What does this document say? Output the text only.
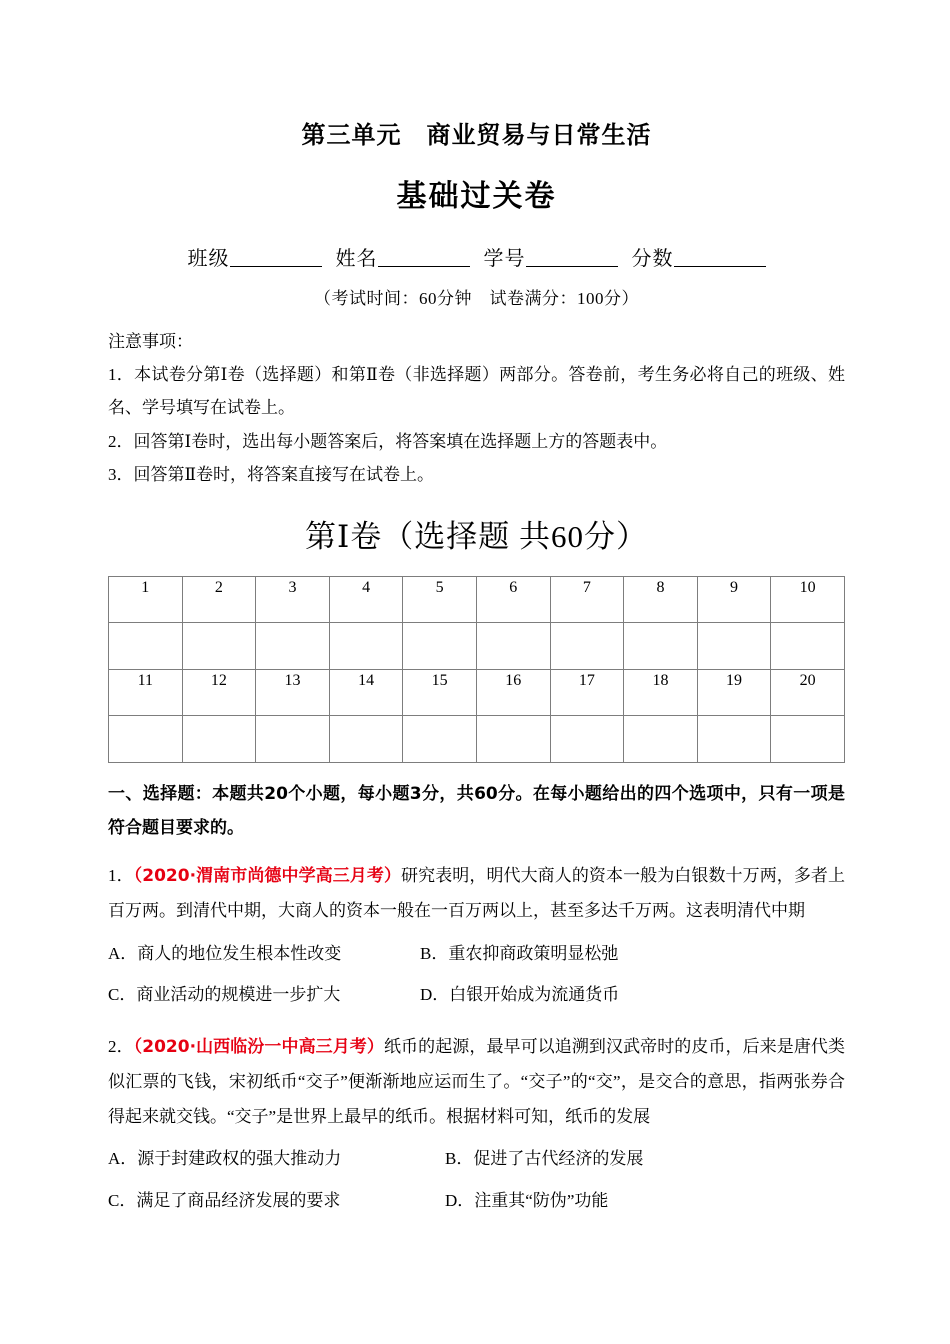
第三单元　商业贸易与日常生活
基础过关卷
班级	姓名	学号	分数
（考试时间：60分钟　试卷满分：100分）
注意事项：
1．本试卷分第Ⅰ卷（选择题）和第Ⅱ卷（非选择题）两部分。答卷前，考生务必将自己的班级、姓名、学号填写在试卷上。
2．回答第Ⅰ卷时，选出每小题答案后，将答案填在选择题上方的答题表中。
3．回答第Ⅱ卷时，将答案直接写在试卷上。
第Ⅰ卷（选择题 共60分）
1	2	3	4	5	6	7	8	9	10

11	12	13	14	15	16	17	18	19	20

一、选择题：本题共20个小题，每小题3分，共60分。在每小题给出的四个选项中，只有一项是符合题目要求的。
1．（2020·渭南市尚德中学高三月考）研究表明，明代大商人的资本一般为白银数十万两，多者上百万两。到清代中期，大商人的资本一般在一百万两以上，甚至多达千万两。这表明清代中期
A．商人的地位发生根本性改变	B．重农抑商政策明显松弛
C．商业活动的规模进一步扩大	D．白银开始成为流通货币
2．（2020·山西临汾一中高三月考）纸币的起源，最早可以追溯到汉武帝时的皮币，后来是唐代类似汇票的飞钱，宋初纸币“交子”便渐渐地应运而生了。“交子”的“交”，是交合的意思，指两张券合得起来就交钱。“交子”是世界上最早的纸币。根据材料可知，纸币的发展
A．源于封建政权的强大推动力	B．促进了古代经济的发展
C．满足了商品经济发展的要求	D．注重其“防伪”功能
